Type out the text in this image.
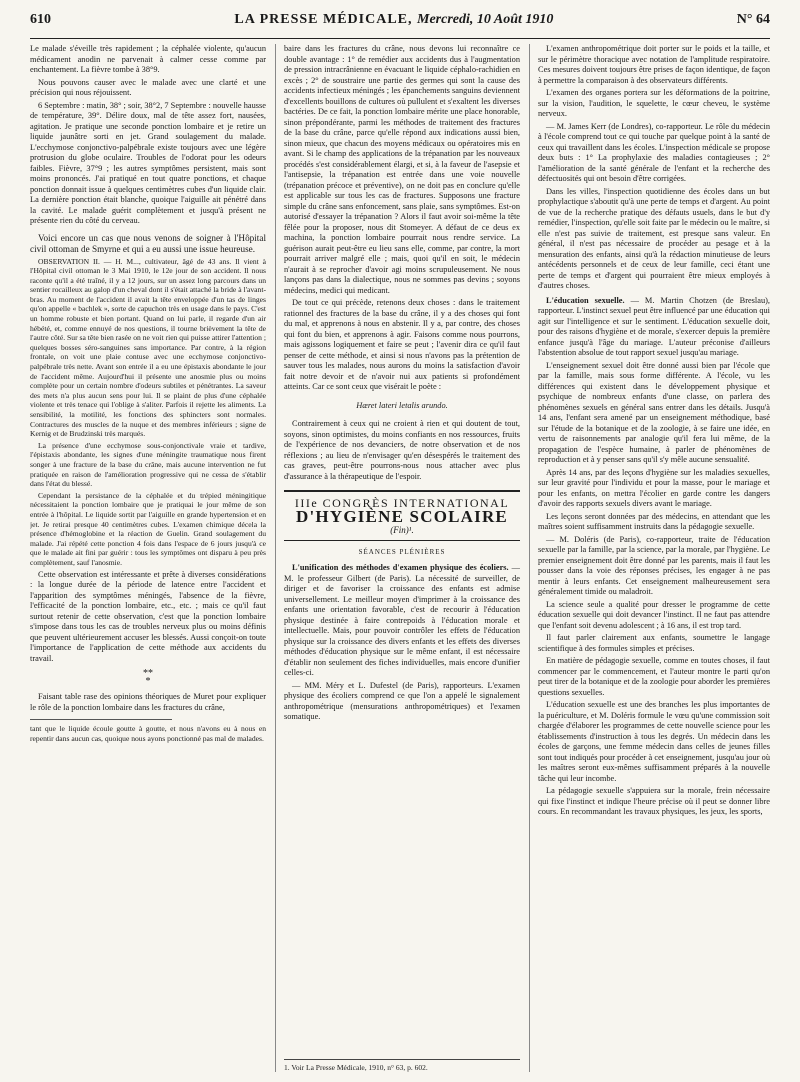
610	LA PRESSE MÉDICALE, Mercredi, 10 Août 1910	N° 64

Le malade s'éveille très rapidement ; la céphalée violente, qu'aucun médicament anodin ne parvenait à calmer cesse comme par enchantement. La fièvre tombe à 38°9.

Nous pouvons causer avec le malade avec une clarté et une précision qui nous réjouissent.

6 Septembre : matin, 38° ; soir, 38°2, 7 Septembre : nouvelle hausse de température, 39°. Délire doux, mal de tête assez fort, nausées, agitation. Je pratique une seconde ponction lombaire et je retire un liquide jaunâtre sorti en jet. Grand soulagement du malade. L'ecchymose conjonctivo-palpébrale existe toujours avec une légère protrusion du globe oculaire. Troubles de l'odorat pour les odeurs faibles. Fièvre, 37°9 ; les autres symptômes persistent, mais sont moins prononcés. J'ai pratiqué en tout quatre ponctions, et chaque ponction donnait issue à quelques centimètres cubes d'un liquide clair. La dernière ponction était blanche, quoique l'aiguille ait pénétré dans la cavité. Le malade guérit complètement et jusqu'à présent ne présente rien du côté du cerveau.

Voici encore un cas que nous venons de soigner à l'Hôpital civil ottoman de Smyrne et qui a eu aussi une issue heureuse.

OBSERVATION II. — H. M..., cultivateur, âgé de 43 ans. Il vient à l'Hôpital civil ottoman le 3 Mai 1910, le 12e jour de son accident. Il nous raconte qu'il a été traîné, il y a 12 jours, sur un assez long parcours dans un sentier rocailleux au galop d'un cheval dont il s'était attaché la bride à l'avant-bras. Au moment de l'accident il avait la tête enveloppée d'un tas de linges qu'on appelle « bachlek », sorte de capuchon très en usage dans le pays. C'est un homme robuste et bien portant. Quand on lui parle, il regarde d'un air hébété, et, comme ennuyé de nos questions, il tourne brièvement la tête de l'autre côté. Sur sa tête bien rasée on ne voit rien qui puisse attirer l'attention ; quelques bosses séro-sanguines sans importance. Par contre, à la région frontale, on voit une plaie contuse avec une ecchymose conjonctivo-palpébrale très nette. Avant son entrée il a eu une épistaxis abondante le jour de l'accident même. Aujourd'hui il présente une anosmie plus ou moins complète pour un certain nombre d'odeurs subtiles et pénétrantes. La saveur des mets n'a plus aucun sens pour lui. Il se plaint de plus d'une céphalée violente et très tenace qui l'oblige à s'aliter. Parfois il rejette les aliments. La sensibilité, la motilité, les fonctions des sphincters sont normales. Contractures des muscles de la nuque et des membres inférieurs ; signe de Kernig et de Brudzinski très marqués.

La présence d'une ecchymose sous-conjonctivale vraie et tardive, l'épistaxis abondante, les signes d'une méningite traumatique nous firent songer à une fracture de la base du crâne, mais aucune intervention ne fut pratiquée en raison de l'amélioration progressive qui ne cessa de s'établir dans l'état du blessé.

Cependant la persistance de la céphalée et du trépied méningitique nécessitaient la ponction lombaire que je pratiquai le jour même de son entrée à l'hôpital. Le liquide sortit par l'aiguille en grande hypertension et en jet. Je retirai presque 40 centimètres cubes. L'examen chimique décela la présence d'hémoglobine et la réaction de Guelin. Grand soulagement du malade. J'ai répété cette ponction 4 fois dans l'espace de 6 jours jusqu'à ce que le malade ait fini par guérir : tous les symptômes ont disparu à peu près complètement, sauf l'anosmie.

Cette observation est intéressante et prête à diverses considérations : la longue durée de la période de latence entre l'accident et l'apparition des symptômes méningés, l'absence de la fièvre, l'efficacité de la ponction lombaire, etc., etc. ; mais ce qu'il faut surtout retenir de cette observation, c'est que la ponction lombaire s'impose dans tous les cas de troubles nerveux plus ou moins définis que peuvent ultérieurement accuser les blessés. Aussi conçoit-on toute l'importance de l'application de cette méthode aux accidents du travail.

**
*

Faisant table rase des opinions théoriques de Muret pour expliquer le rôle de la ponction lombaire dans les fractures du crâne,

tant que le liquide écoule goutte à goutte, et nous n'avons eu à nous en repentir dans aucun cas, quoique nous ayons ponctionné pas mal de malades.

baire dans les fractures du crâne, nous devons lui reconnaître ce double avantage : 1° de remédier aux accidents dus à l'augmentation de pression intracrânienne en évacuant le liquide céphalo-rachidien en excès ; 2° de soustraire une partie des germes qui sont la cause des accidents infectieux méningés ; les épanchements sanguins deviennent d'excellents bouillons de cultures où pullulent et s'exaltent les diverses bactéries. De ce fait, la ponction lombaire mérite une place honorable, sinon prépondérante, parmi les méthodes de traitement des fractures de la base du crâne, parce qu'elle répond aux indications aussi bien, sinon mieux, que chacun des moyens médicaux ou opératoires mis en avant. Si le champ des applications de la trépanation par les nouveaux procédés s'est considérablement élargi, et si, à la faveur de l'asepsie et l'antisepsie, la trépanation est entrée dans une voie nouvelle (trépanation précoce et préventive), on ne doit pas en conclure qu'elle est applicable sur tous les cas de fractures. Supposons une fracture simple du crâne sans enfoncement, sans plaie, sans symptômes. Est-on autorisé d'essayer la trépanation ? Alors il faut avoir soi-même la tête fêlée pour la proposer, nous dit Stomeyer. A défaut de ce deus ex machina, la ponction lombaire pourrait nous rendre service. La guérison aurait peut-être eu lieu sans elle, comme, par contre, la mort pourrait arriver malgré elle ; mais, quoi qu'il en soit, le médecin n'aurait à se reprocher d'avoir agi moins scrupuleusement. Ne nous lançons pas dans la dialectique, nous ne sommes pas devins ; soyons médecins, medici qui medicant.

De tout ce qui précède, retenons deux choses : dans le traitement rationnel des fractures de la base du crâne, il y a des choses qui font du mal, et apprenons à nous en abstenir. Il y a, par contre, des choses qui font du bien, et apprenons à agir. Faisons comme nous pourrons, mais agissons logiquement et faire se peut ; l'avenir dira ce qu'il faut penser de cette méthode, et ainsi si nous n'avons pas la prétention de sauver tous les malades, nous aurons du moins la satisfaction d'avoir fait notre devoir et de n'avoir nui aux patients si profondément atteints. Car ce sont ceux que visérait le poète :

Hæret lateri letalis arundo.

Contrairement à ceux qui ne croient à rien et qui doutent de tout, soyons, sinon optimistes, du moins confiants en nos ressources, fruits de l'expérience de nos devanciers, de notre observation et de nos réflexions ; au lieu de n'envisager qu'en désespérés le traitement des cas graves, peut-être pourrons-nous nous attacher avec plus d'assurance à la thérapeutique de l'espoir.

IIIe CONGRÈS INTERNATIONAL
D'HYGIÈNE SCOLAIRE
(Fin)¹.
SÉANCES PLÉNIÈRES

L'unification des méthodes d'examen physique des écoliers. — M. le professeur Gilbert (de Paris). La nécessité de surveiller, de diriger et de favoriser la croissance des enfants est admise universellement. Le meilleur moyen d'imprimer à la croissance des enfants une orientation favorable, c'est de recourir à l'éducation physique destinée à faire contrepoids à l'éducation morale et intellectuelle. Mais, pour pouvoir contrôler les effets de l'éducation physique sur la croissance des divers enfants et les effets des diverses méthodes d'éducation physique sur le même enfant, il est nécessaire d'établir non seulement des fiches individuelles, mais encore d'unifier celles-ci.

— MM. Méry et L. Dufestel (de Paris), rapporteurs. L'examen physique des écoliers comprend ce que l'on a appelé le signalement anthropométrique (mensurations anthropométriques) et l'examen somatique.

1. Voir La Presse Médicale, 1910, n° 63, p. 602.

L'examen anthropométrique doit porter sur le poids et la taille, et sur le périmètre thoracique avec notation de l'amplitude respiratoire. Ces mesures doivent toujours être prises de façon identique, de façon à permettre la comparaison à des observateurs différents.

L'examen des organes portera sur les déformations de la poitrine, sur la vision, l'audition, le squelette, le cœur cheveu, le système nerveux.

— M. James Kerr (de Londres), co-rapporteur. Le rôle du médecin à l'école comprend tout ce qui touche par quelque point à la santé de ceux qui travaillent dans les écoles. L'inspection médicale se propose deux buts : 1° La prophylaxie des maladies contagieuses ; 2° l'amélioration de la santé générale de l'enfant et la recherche des défectuosités qui ont besoin d'être corrigées.

Dans les villes, l'inspection quotidienne des écoles dans un but prophylactique s'aboutit qu'à une perte de temps et d'argent. Au point de vue de la recherche pratique des défauts usuels, dans le but d'y remédier, l'inspection, qu'elle soit faite par le médecin ou le maître, si elle n'est pas suivie de traitement, est presque sans valeur. En général, il n'est pas nécessaire de procéder au pesage et à la mensuration des enfants, ainsi qu'à la rédaction minutieuse de leurs antécédents personnels et de ceux de leur famille, ceci étant une perte de temps et d'argent qui pourraient être mieux employés à d'autres choses.

L'éducation sexuelle. — M. Martin Chotzen (de Breslau), rapporteur. L'instinct sexuel peut être influencé par une éducation qui agit sur l'intelligence et sur le sentiment. L'éducation sexuelle doit, pour des raisons d'hygiène et de morale, s'exercer depuis la première enfance jusqu'à l'âge du mariage. L'auteur préconise d'ailleurs l'abstention absolue de tout rapport sexuel jusqu'au mariage.

L'enseignement sexuel doit être donné aussi bien par l'école que par la famille, mais sous forme différente. A l'école, vu les différences qui existent dans le développement physique et psychique de nombreux enfants d'une classe, on parlera des phénomènes sexuels en général sans entrer dans les détails. Jusqu'à 14 ans, l'enfant sera amené par un enseignement méthodique, basé sur l'étude de la botanique et de la zoologie, à se faire une idée, en vertu de raisonnements par analogie qu'il fera lui même, de la propagation de l'espèce humaine, à parler de phénomènes de reproduction et à y penser sans qu'il s'y mêle aucune sensualité.

Après 14 ans, par des leçons d'hygiène sur les maladies sexuelles, sur leur gravité pour l'individu et pour la masse, pour le mariage et pour les enfants, on mettra l'écolier en garde contre les dangers d'avoir des rapports sexuels divers avant le mariage.

Les leçons seront données par des médecins, en attendant que les maîtres soient suffisamment instruits dans la pédagogie sexuelle.

— M. Doléris (de Paris), co-rapporteur, traite de l'éducation sexuelle par la famille, par la science, par la morale, par l'hygiène. Le premier enseignement doit être donné par les parents, mais il faut les pousser dans la voie des réponses précises, les engager à ne pas mentir à leurs enfants. Cet enseignement malheureusement sera généralement timide ou maladroit.

La science seule a qualité pour dresser le programme de cette éducation sexuelle qui doit devancer l'instinct. Il ne faut pas attendre que l'enfant soit devenu adolescent ; à 16 ans, il est trop tard.

Il faut parler clairement aux enfants, soumettre le langage scientifique à des formules simples et précises.

En matière de pédagogie sexuelle, comme en toutes choses, il faut commencer par le commencement, et l'auteur montre le parti qu'on peut tirer de la botanique et de la zoologie pour aborder les premières questions sexuelles.

L'éducation sexuelle est une des branches les plus importantes de la puériculture, et M. Doléris formule le vœu qu'une commission soit chargée d'élaborer les programmes de cette nouvelle science pour les établissements d'instruction à tous les degrés. Un médecin dans les écoles de garçons, une femme médecin dans celles de jeunes filles sont tout indiqués pour procéder à cet enseignement, jusqu'au jour où les maîtres seront eux-mêmes suffisamment préparés à la nouvelle tâche qui leur incombe.

La pédagogie sexuelle s'appuiera sur la morale, frein nécessaire qui fixe l'instinct et indique l'heure précise où il peut se donner libre cours. En recommandant les travaux physiques, les jeux, les sports,
